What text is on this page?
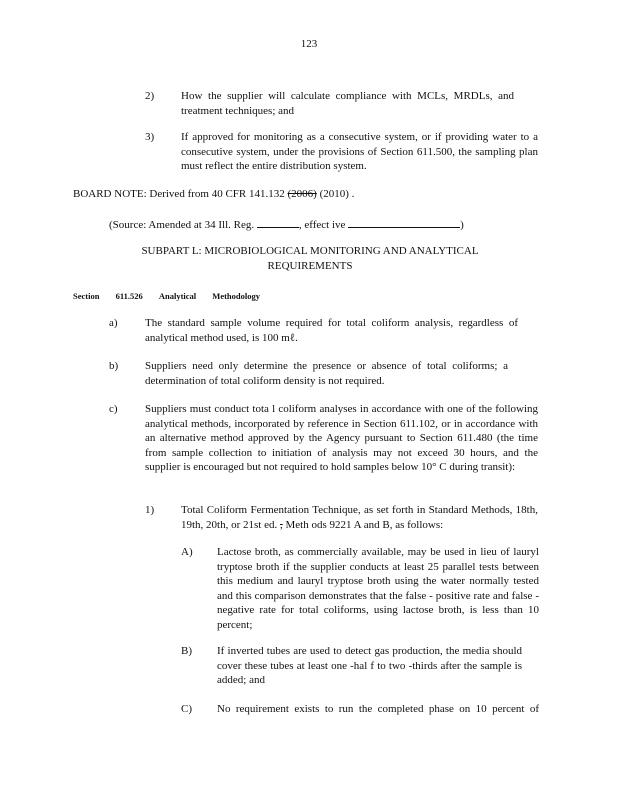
123
2) How the supplier will calculate compliance with MCLs, MRDLs, and treatment techniques; and
3) If approved for monitoring as a consecutive system, or if providing water to a consecutive system, under the provisions of Section 611.500, the sampling plan must reflect the entire distribution system.
BOARD NOTE: Derived from 40 CFR 141.132 (2006) (2010) .
(Source: Amended at 34 Ill. Reg.	, effect ive	)
SUBPART L: MICROBIOLOGICAL MONITORING AND ANALYTICAL
REQUIREMENTS
Section 611.526 Analytical Methodology
a) The standard sample volume required for total coliform analysis, regardless of analytical method used, is 100 mℓ.
b) Suppliers need only determine the presence or absence of total coliforms; a determination of total coliform density is not required.
c) Suppliers must conduct tota l coliform analyses in accordance with one of the following analytical methods, incorporated by reference in Section 611.102, or in accordance with an alternative method approved by the Agency pursuant to Section 611.480 (the time from sample collection to initiation of analysis may not exceed 30 hours, and the supplier is encouraged but not required to hold samples below 10° C during transit):
1) Total Coliform Fermentation Technique, as set forth in Standard Methods, 18th, 19th, 20th, or 21st ed. , Meth ods 9221 A and B, as follows:
A) Lactose broth, as commercially available, may be used in lieu of lauryl tryptose broth if the supplier conducts at least 25 parallel tests between this medium and lauryl tryptose broth using the water normally tested and this comparison demonstrates that the false - positive rate and false -negative rate for total coliforms, using lactose broth, is less than 10 percent;
B) If inverted tubes are used to detect gas production, the media should cover these tubes at least one -hal f to two -thirds after the sample is added; and
C) No requirement exists to run the completed phase on 10 percent of
